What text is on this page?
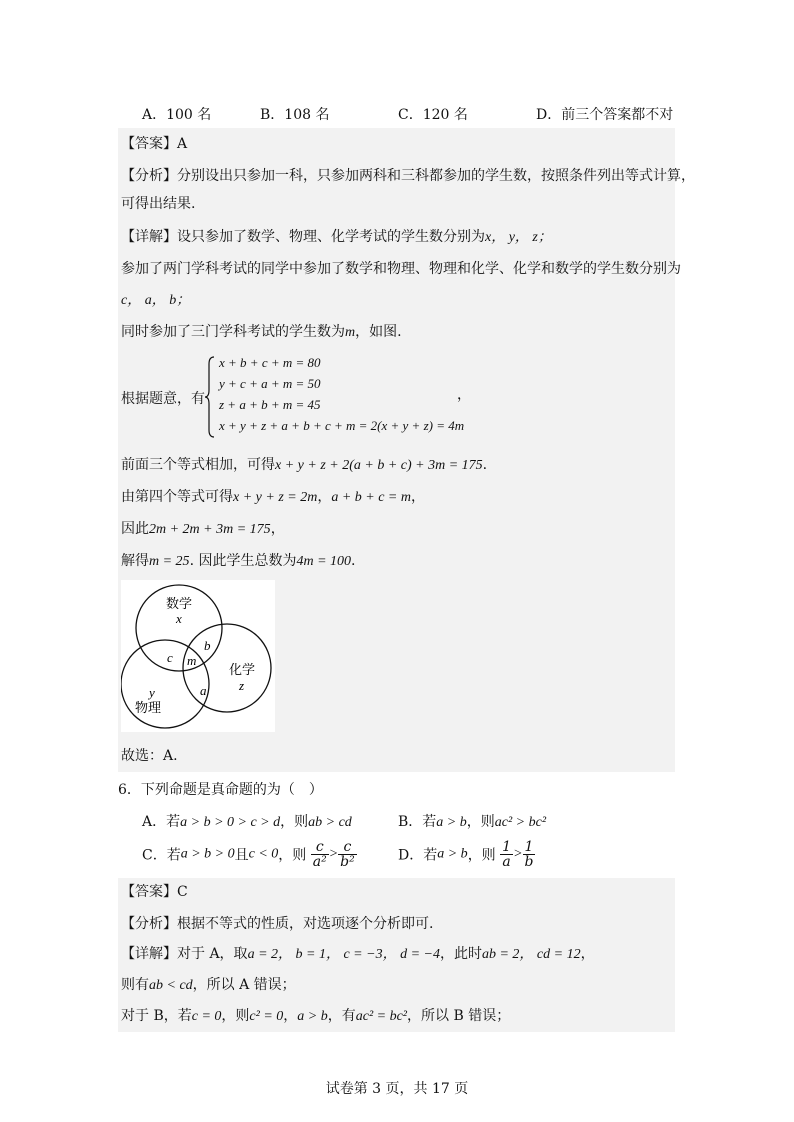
A．100 名	B．108 名	C．120 名	D．前三个答案都不对
【答案】A
【分析】分别设出只参加一科，只参加两科和三科都参加的学生数，按照条件列出等式计算，
可得出结果.
【详解】设只参加了数学、物理、化学考试的学生数分别为x， y， z；
参加了两门学科考试的同学中参加了数学和物理、物理和化学、化学和数学的学生数分别为
c， a， b；
同时参加了三门学科考试的学生数为m，如图.
根据题意，有
x + b + c + m = 80
y + c + a + m = 50
z + a + b + m = 45
x + y + z + a + b + c + m = 2(x + y + z) = 4m
，
前面三个等式相加，可得x + y + z + 2(a + b + c) + 3m = 175.
由第四个等式可得x + y + z = 2m，a + b + c = m，
因此2m + 2m + 3m = 175，
解得m = 25. 因此学生总数为4m = 100.
数学
x
化学
z
y
物理
c m
b
a
故选：A.
6．下列命题是真命题的为（　）
A．若a > b > 0 > c > d，则ab > cd	B．若a > b，则ac² > bc²
C．若a > b > 0且c < 0，则 $\frac{c}{\text{a²}} > \frac{c}{\text{b²}}$	D．若a > b，则 $\frac{1}{a} > \frac{1}{b}$
【答案】C
【分析】根据不等式的性质，对选项逐个分析即可.
【详解】对于 A，取a = 2， b = 1， c = −3， d = −4，此时ab = 2， cd = 12，
则有ab < cd，所以 A 错误；
对于 B，若c = 0，则c² = 0，a > b，有ac² = bc²，所以 B 错误；
试卷第 3 页，共 17 页
